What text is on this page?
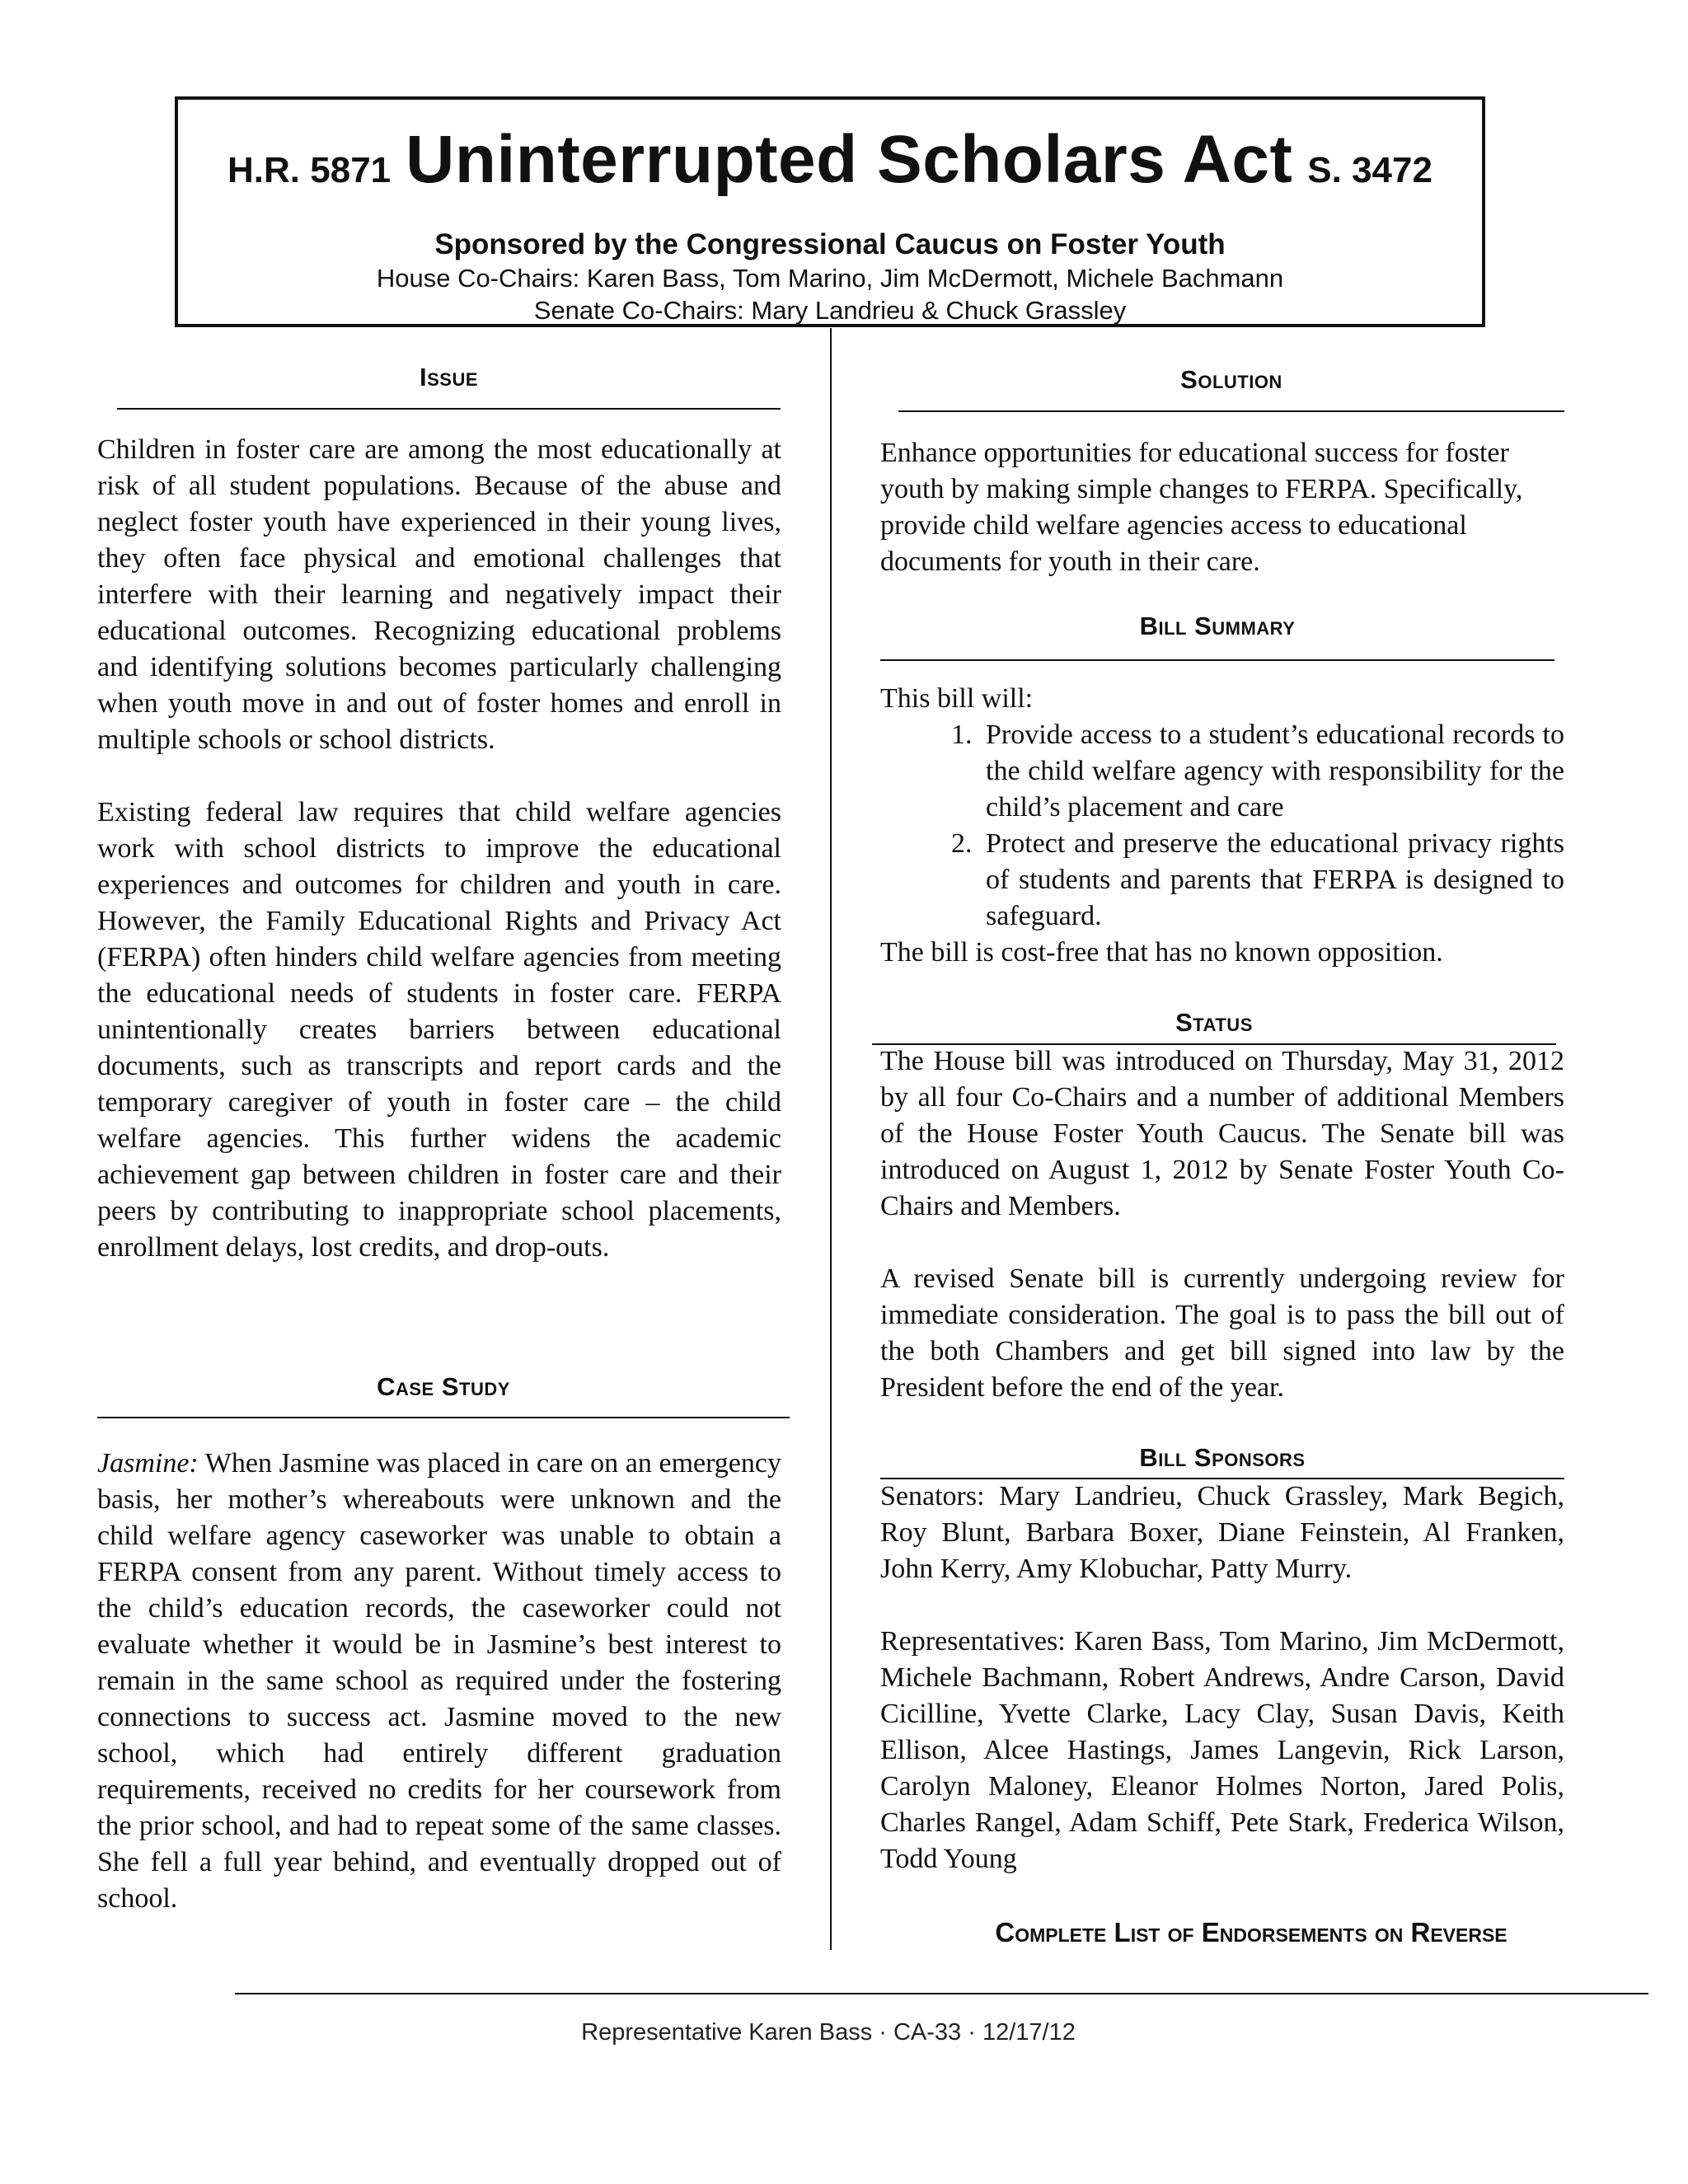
H.R. 5871 Uninterrupted Scholars Act S. 3472
Sponsored by the Congressional Caucus on Foster Youth
House Co-Chairs: Karen Bass, Tom Marino, Jim McDermott, Michele Bachmann
Senate Co-Chairs: Mary Landrieu & Chuck Grassley
Issue

Children in foster care are among the most educationally at risk of all student populations. Because of the abuse and neglect foster youth have experienced in their young lives, they often face physical and emotional challenges that interfere with their learning and negatively impact their educational outcomes. Recognizing educational problems and identifying solutions becomes particularly challenging when youth move in and out of foster homes and enroll in multiple schools or school districts.

Existing federal law requires that child welfare agencies work with school districts to improve the educational experiences and outcomes for children and youth in care. However, the Family Educational Rights and Privacy Act (FERPA) often hinders child welfare agencies from meeting the educational needs of students in foster care. FERPA unintentionally creates barriers between educational documents, such as transcripts and report cards and the temporary caregiver of youth in foster care – the child welfare agencies. This further widens the academic achievement gap between children in foster care and their peers by contributing to inappropriate school placements, enrollment delays, lost credits, and drop-outs.

Case Study

Jasmine: When Jasmine was placed in care on an emergency basis, her mother’s whereabouts were unknown and the child welfare agency caseworker was unable to obtain a FERPA consent from any parent. Without timely access to the child’s education records, the caseworker could not evaluate whether it would be in Jasmine’s best interest to remain in the same school as required under the fostering connections to success act. Jasmine moved to the new school, which had entirely different graduation requirements, received no credits for her coursework from the prior school, and had to repeat some of the same classes. She fell a full year behind, and eventually dropped out of school.

Solution

Enhance opportunities for educational success for foster youth by making simple changes to FERPA. Specifically, provide child welfare agencies access to educational documents for youth in their care.

Bill Summary
This bill will:
1. Provide access to a student’s educational records to the child welfare agency with responsibility for the child’s placement and care
2. Protect and preserve the educational privacy rights of students and parents that FERPA is designed to safeguard.
The bill is cost-free that has no known opposition.
Status

The House bill was introduced on Thursday, May 31, 2012 by all four Co-Chairs and a number of additional Members of the House Foster Youth Caucus. The Senate bill was introduced on August 1, 2012 by Senate Foster Youth Co-Chairs and Members.

A revised Senate bill is currently undergoing review for immediate consideration. The goal is to pass the bill out of the both Chambers and get bill signed into law by the President before the end of the year.

Bill Sponsors

Senators: Mary Landrieu, Chuck Grassley, Mark Begich, Roy Blunt, Barbara Boxer, Diane Feinstein, Al Franken, John Kerry, Amy Klobuchar, Patty Murry.

Representatives: Karen Bass, Tom Marino, Jim McDermott, Michele Bachmann, Robert Andrews, Andre Carson, David Cicilline, Yvette Clarke, Lacy Clay, Susan Davis, Keith Ellison, Alcee Hastings, James Langevin, Rick Larson, Carolyn Maloney, Eleanor Holmes Norton, Jared Polis, Charles Rangel, Adam Schiff, Pete Stark, Frederica Wilson, Todd Young

Complete List of Endorsements on Reverse
Representative Karen Bass · CA-33 · 12/17/12
